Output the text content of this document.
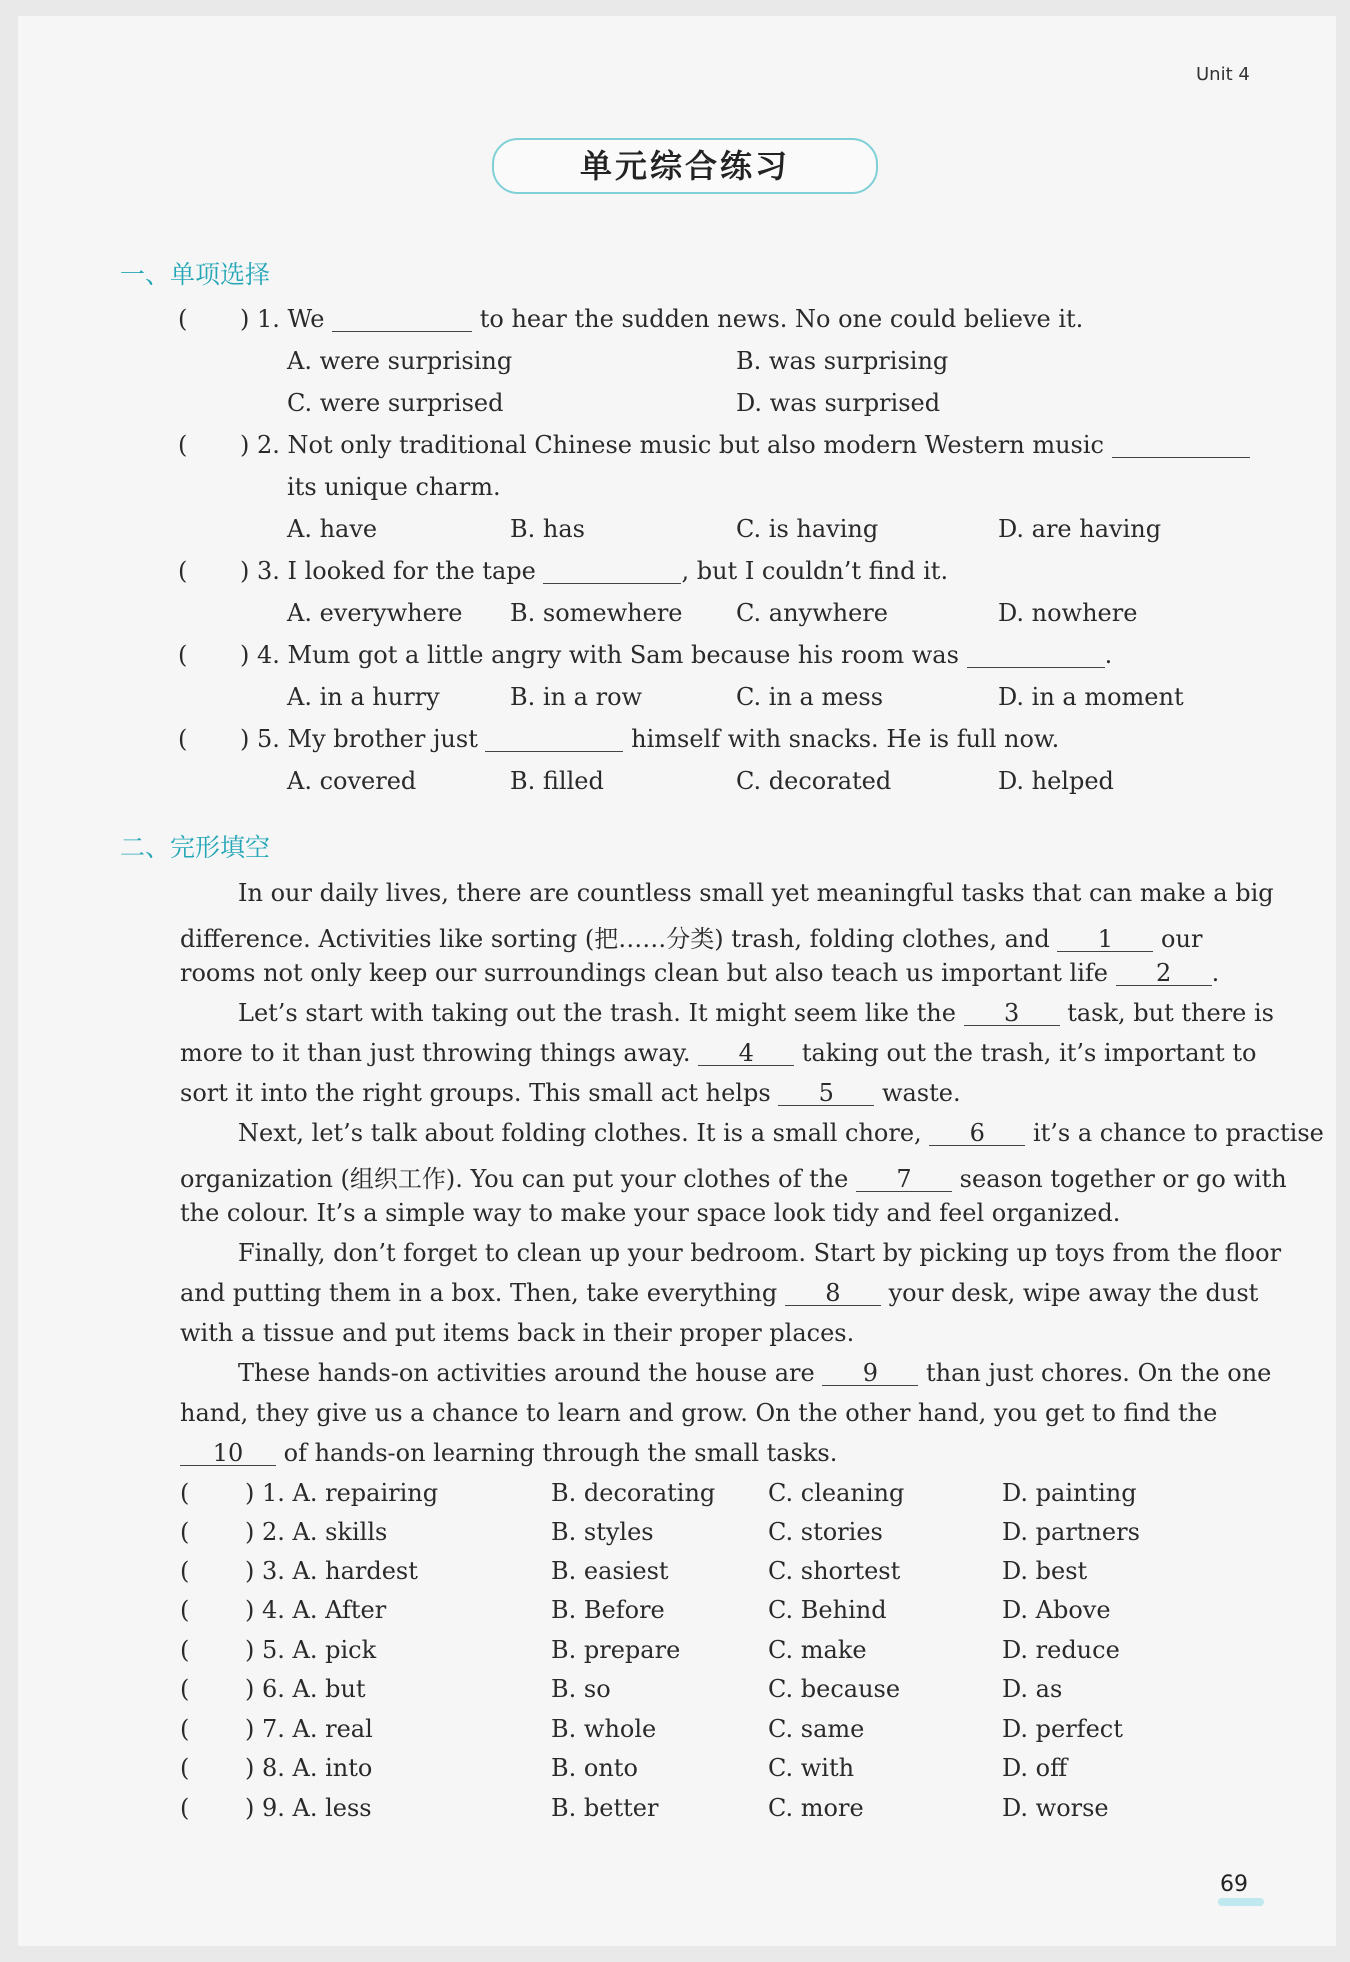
Unit 4
单元综合练习
一、单项选择
( ) 1. We	to hear the sudden news. No one could believe it.
A. were surprising	B. was surprising
C. were surprised	D. was surprised
( ) 2. Not only traditional Chinese music but also modern Western music
its unique charm.
A. have	B. has	C. is having	D. are having
( ) 3. I looked for the tape	, but I couldn’t find it.
A. everywhere B. somewhere C. anywhere	D. nowhere
( ) 4. Mum got a little angry with Sam because his room was	.
A. in a hurry	B. in a row	C. in a mess	D. in a moment
( ) 5. My brother just	himself with snacks. He is full now.
A. covered	B. filled	C. decorated	D. helped
二、完形填空
In our daily lives, there are countless small yet meaningful tasks that can make a big
difference. Activities like sorting (把……分类) trash, folding clothes, and 1 our
rooms not only keep our surroundings clean but also teach us important life 2 .
Let’s start with taking out the trash. It might seem like the 3 task, but there is
more to it than just throwing things away. 4 taking out the trash, it’s important to
sort it into the right groups. This small act helps 5 waste.
Next, let’s talk about folding clothes. It is a small chore, 6 it’s a chance to practise
organization (组织工作). You can put your clothes of the 7 season together or go with
the colour. It’s a simple way to make your space look tidy and feel organized.
Finally, don’t forget to clean up your bedroom. Start by picking up toys from the floor
and putting them in a box. Then, take everything 8 your desk, wipe away the dust
with a tissue and put items back in their proper places.
These hands-on activities around the house are 9 than just chores. On the one
hand, they give us a chance to learn and grow. On the other hand, you get to find the
10 of hands-on learning through the small tasks.
( ) 1. A. repairing	B. decorating C. cleaning	D. painting
( ) 2. A. skills	B. styles	C. stories	D. partners
( ) 3. A. hardest	B. easiest	C. shortest	D. best
( ) 4. A. After	B. Before	C. Behind	D. Above
( ) 5. A. pick	B. prepare	C. make	D. reduce
( ) 6. A. but	B. so	C. because	D. as
( ) 7. A. real	B. whole	C. same	D. perfect
( ) 8. A. into	B. onto	C. with	D. off
( ) 9. A. less	B. better	C. more	D. worse
69
